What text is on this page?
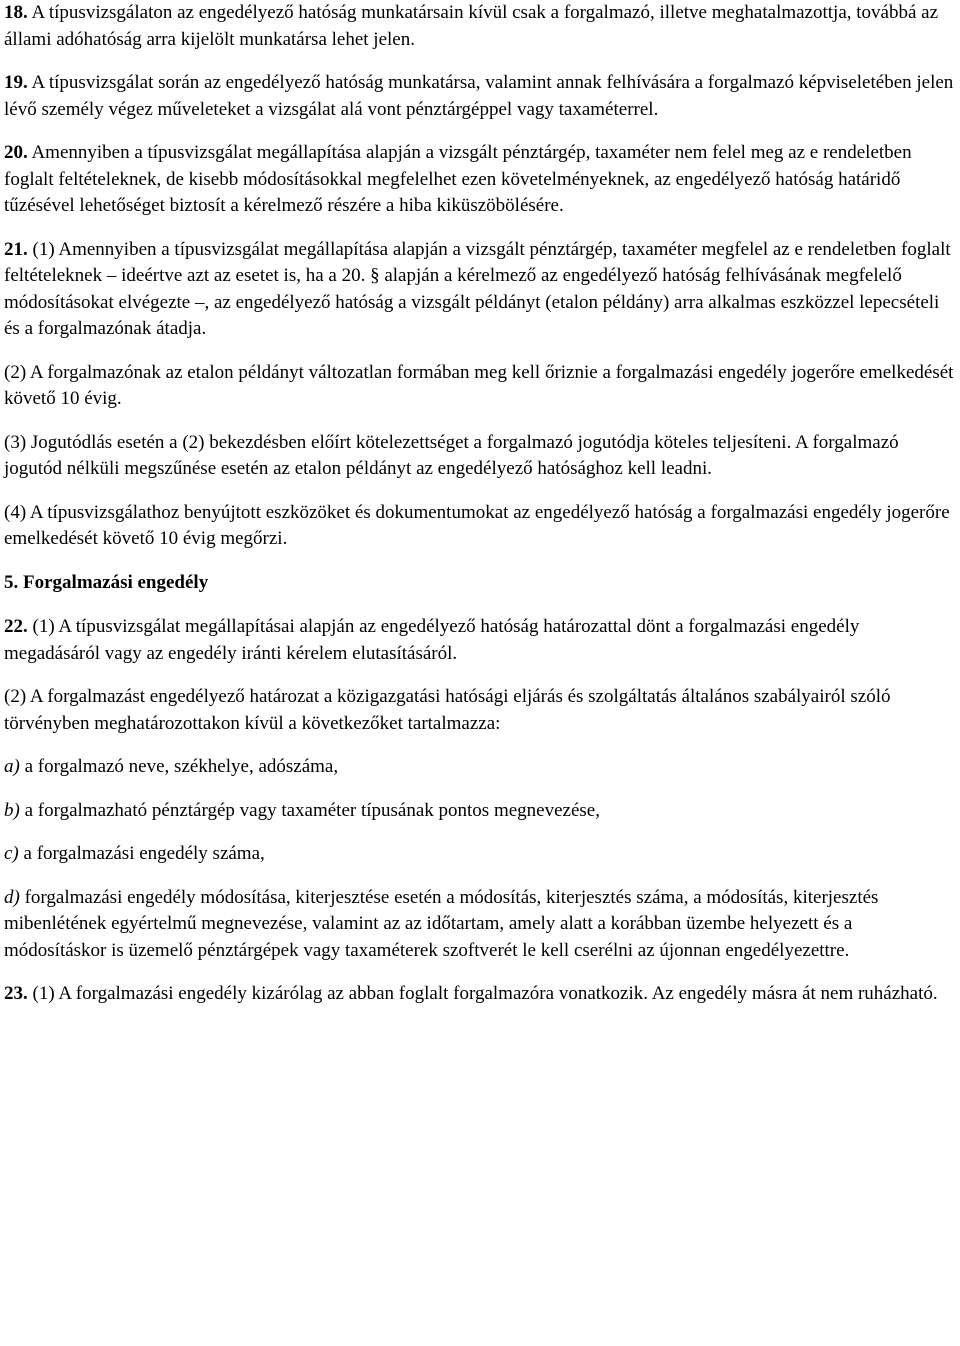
18. A típusvizsgálaton az engedélyező hatóság munkatársain kívül csak a forgalmazó, illetve meghatalmazottja, továbbá az állami adóhatóság arra kijelölt munkatársa lehet jelen.

19. A típusvizsgálat során az engedélyező hatóság munkatársa, valamint annak felhívására a forgalmazó képviseletében jelen lévő személy végez műveleteket a vizsgálat alá vont pénztárgéppel vagy taxaméterrel.

20. Amennyiben a típusvizsgálat megállapítása alapján a vizsgált pénztárgép, taxaméter nem felel meg az e rendeletben foglalt feltételeknek, de kisebb módosításokkal megfelelhet ezen követelményeknek, az engedélyező hatóság határidő tűzésével lehetőséget biztosít a kérelmező részére a hiba kiküszöbölésére.

21. (1) Amennyiben a típusvizsgálat megállapítása alapján a vizsgált pénztárgép, taxaméter megfelel az e rendeletben foglalt feltételeknek – ideértve azt az esetet is, ha a 20. § alapján a kérelmező az engedélyező hatóság felhívásának megfelelő módosításokat elvégezte –, az engedélyező hatóság a vizsgált példányt (etalon példány) arra alkalmas eszközzel lepecsételi és a forgalmazónak átadja.

(2) A forgalmazónak az etalon példányt változatlan formában meg kell őriznie a forgalmazási engedély jogerőre emelkedését követő 10 évig.

(3) Jogutódlás esetén a (2) bekezdésben előírt kötelezettséget a forgalmazó jogutódja köteles teljesíteni. A forgalmazó jogutód nélküli megszűnése esetén az etalon példányt az engedélyező hatósághoz kell leadni.

(4) A típusvizsgálathoz benyújtott eszközöket és dokumentumokat az engedélyező hatóság a forgalmazási engedély jogerőre emelkedését követő 10 évig megőrzi.

5. Forgalmazási engedély

22. (1) A típusvizsgálat megállapításai alapján az engedélyező hatóság határozattal dönt a forgalmazási engedély megadásáról vagy az engedély iránti kérelem elutasításáról.

(2) A forgalmazást engedélyező határozat a közigazgatási hatósági eljárás és szolgáltatás általános szabályairól szóló törvényben meghatározottakon kívül a következőket tartalmazza:

a) a forgalmazó neve, székhelye, adószáma,

b) a forgalmazható pénztárgép vagy taxaméter típusának pontos megnevezése,

c) a forgalmazási engedély száma,

d) forgalmazási engedély módosítása, kiterjesztése esetén a módosítás, kiterjesztés száma, a módosítás, kiterjesztés mibenlétének egyértelmű megnevezése, valamint az az időtartam, amely alatt a korábban üzembe helyezett és a módosításkor is üzemelő pénztárgépek vagy taxaméterek szoftverét le kell cserélni az újonnan engedélyezettre.

23. (1) A forgalmazási engedély kizárólag az abban foglalt forgalmazóra vonatkozik. Az engedély másra át nem ruházható.
